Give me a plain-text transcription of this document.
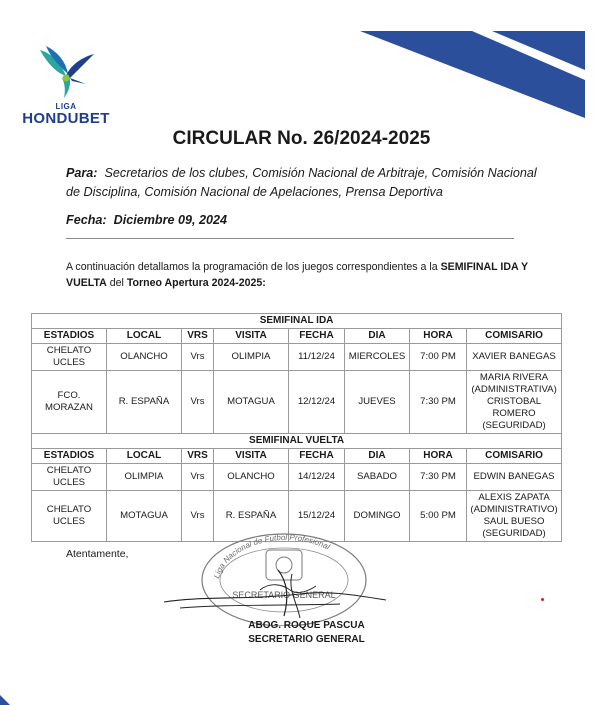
LIGA
HONDUBET
CIRCULAR No. 26/2024-2025
Para: Secretarios de los clubes, Comisión Nacional de Arbitraje, Comisión Nacional de Disciplina, Comisión Nacional de Apelaciones, Prensa Deportiva
Fecha: Diciembre 09, 2024
A continuación detallamos la programación de los juegos correspondientes a la SEMIFINAL IDA Y VUELTA del Torneo Apertura 2024-2025:
SEMIFINAL IDA							
ESTADIOS	LOCAL	VRS	VISITA	FECHA	DIA	HORA	COMISARIO
CHELATO UCLES	OLANCHO	Vrs	OLIMPIA	11/12/24	MIERCOLES	7:00 PM	XAVIER BANEGAS

FCO. MORAZAN	R. ESPAÑA	Vrs	MOTAGUA	12/12/24	JUEVES	7:30 PM	MARIA RIVERA
(ADMINISTRATIVA)
CRISTOBAL ROMERO
(SEGURIDAD)

SEMIFINAL VUELTA							
ESTADIOS	LOCAL	VRS	VISITA	FECHA	DIA	HORA	COMISARIO
CHELATO UCLES	OLIMPIA	Vrs	OLANCHO	14/12/24	SABADO	7:30 PM	EDWIN BANEGAS

CHELATO UCLES	MOTAGUA	Vrs	R. ESPAÑA	15/12/24	DOMINGO	5:00 PM	ALEXIS ZAPATA
(ADMINISTRATIVO)
SAUL BUESO
(SEGURIDAD)
Atentamente,
Liga Nacional de Futbol Profesional
SECRETARIO GENERAL
ABOG. ROQUE PASCUA
SECRETARIO GENERAL
